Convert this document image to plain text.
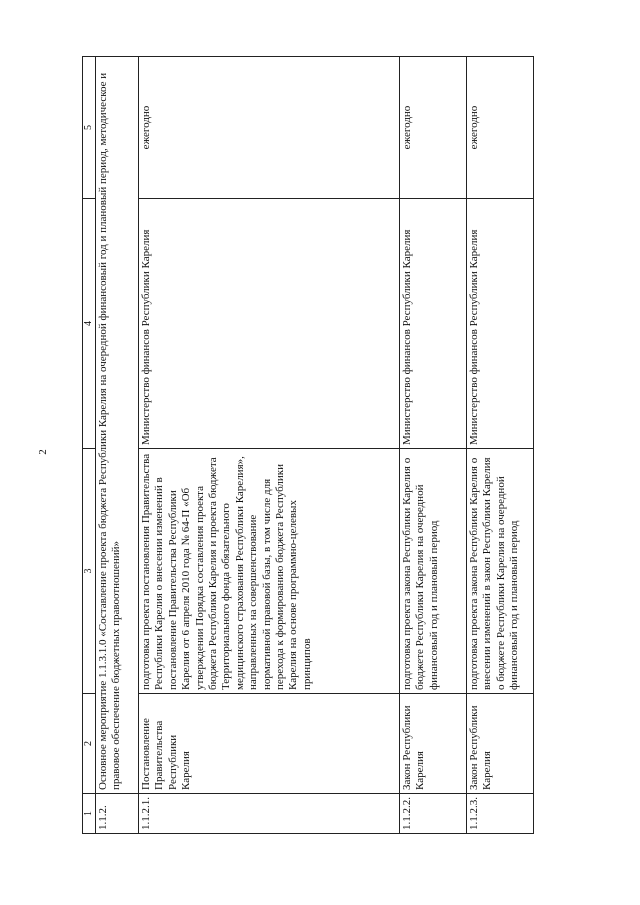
2
1	2	3	4	5
1.1.2.	Основное мероприятие 1.1.3.1.0 «Составление проекта бюджета Республики Карелия на очередной финансовый год и плановый период, методическое и правовое обеспечение бюджетных правоотношений»			
1.1.2.1.	Постановление Правительства Республики Карелия	подготовка проекта постановления Правительства Республики Карелия о внесении изменений в постановление Правительства Республики Карелия от 6 апреля 2010 года № 64-П «Об утверждении Порядка составления проекта бюджета Республики Карелия и проекта бюджета Территориального фонда обязательного медицинского страхования Республики Карелия», направленных на совершенствование нормативной правовой базы, в том числе для перехода к формированию бюджета Республики Карелия на основе программно-целевых принципов	Министерство финансов Республики Карелия	ежегодно
1.1.2.2.	Закон Республики Карелия	подготовка проекта закона Республики Карелия о бюджете Республики Карелия на очередной финансовый год и плановый период	Министерство финансов Республики Карелия	ежегодно
1.1.2.3.	Закон Республики Карелия	подготовка проекта закона Республики Карелия о внесении изменений в закон Республики Карелия о бюджете Республики Карелия на очередной финансовый год и плановый период	Министерство финансов Республики Карелия	ежегодно
